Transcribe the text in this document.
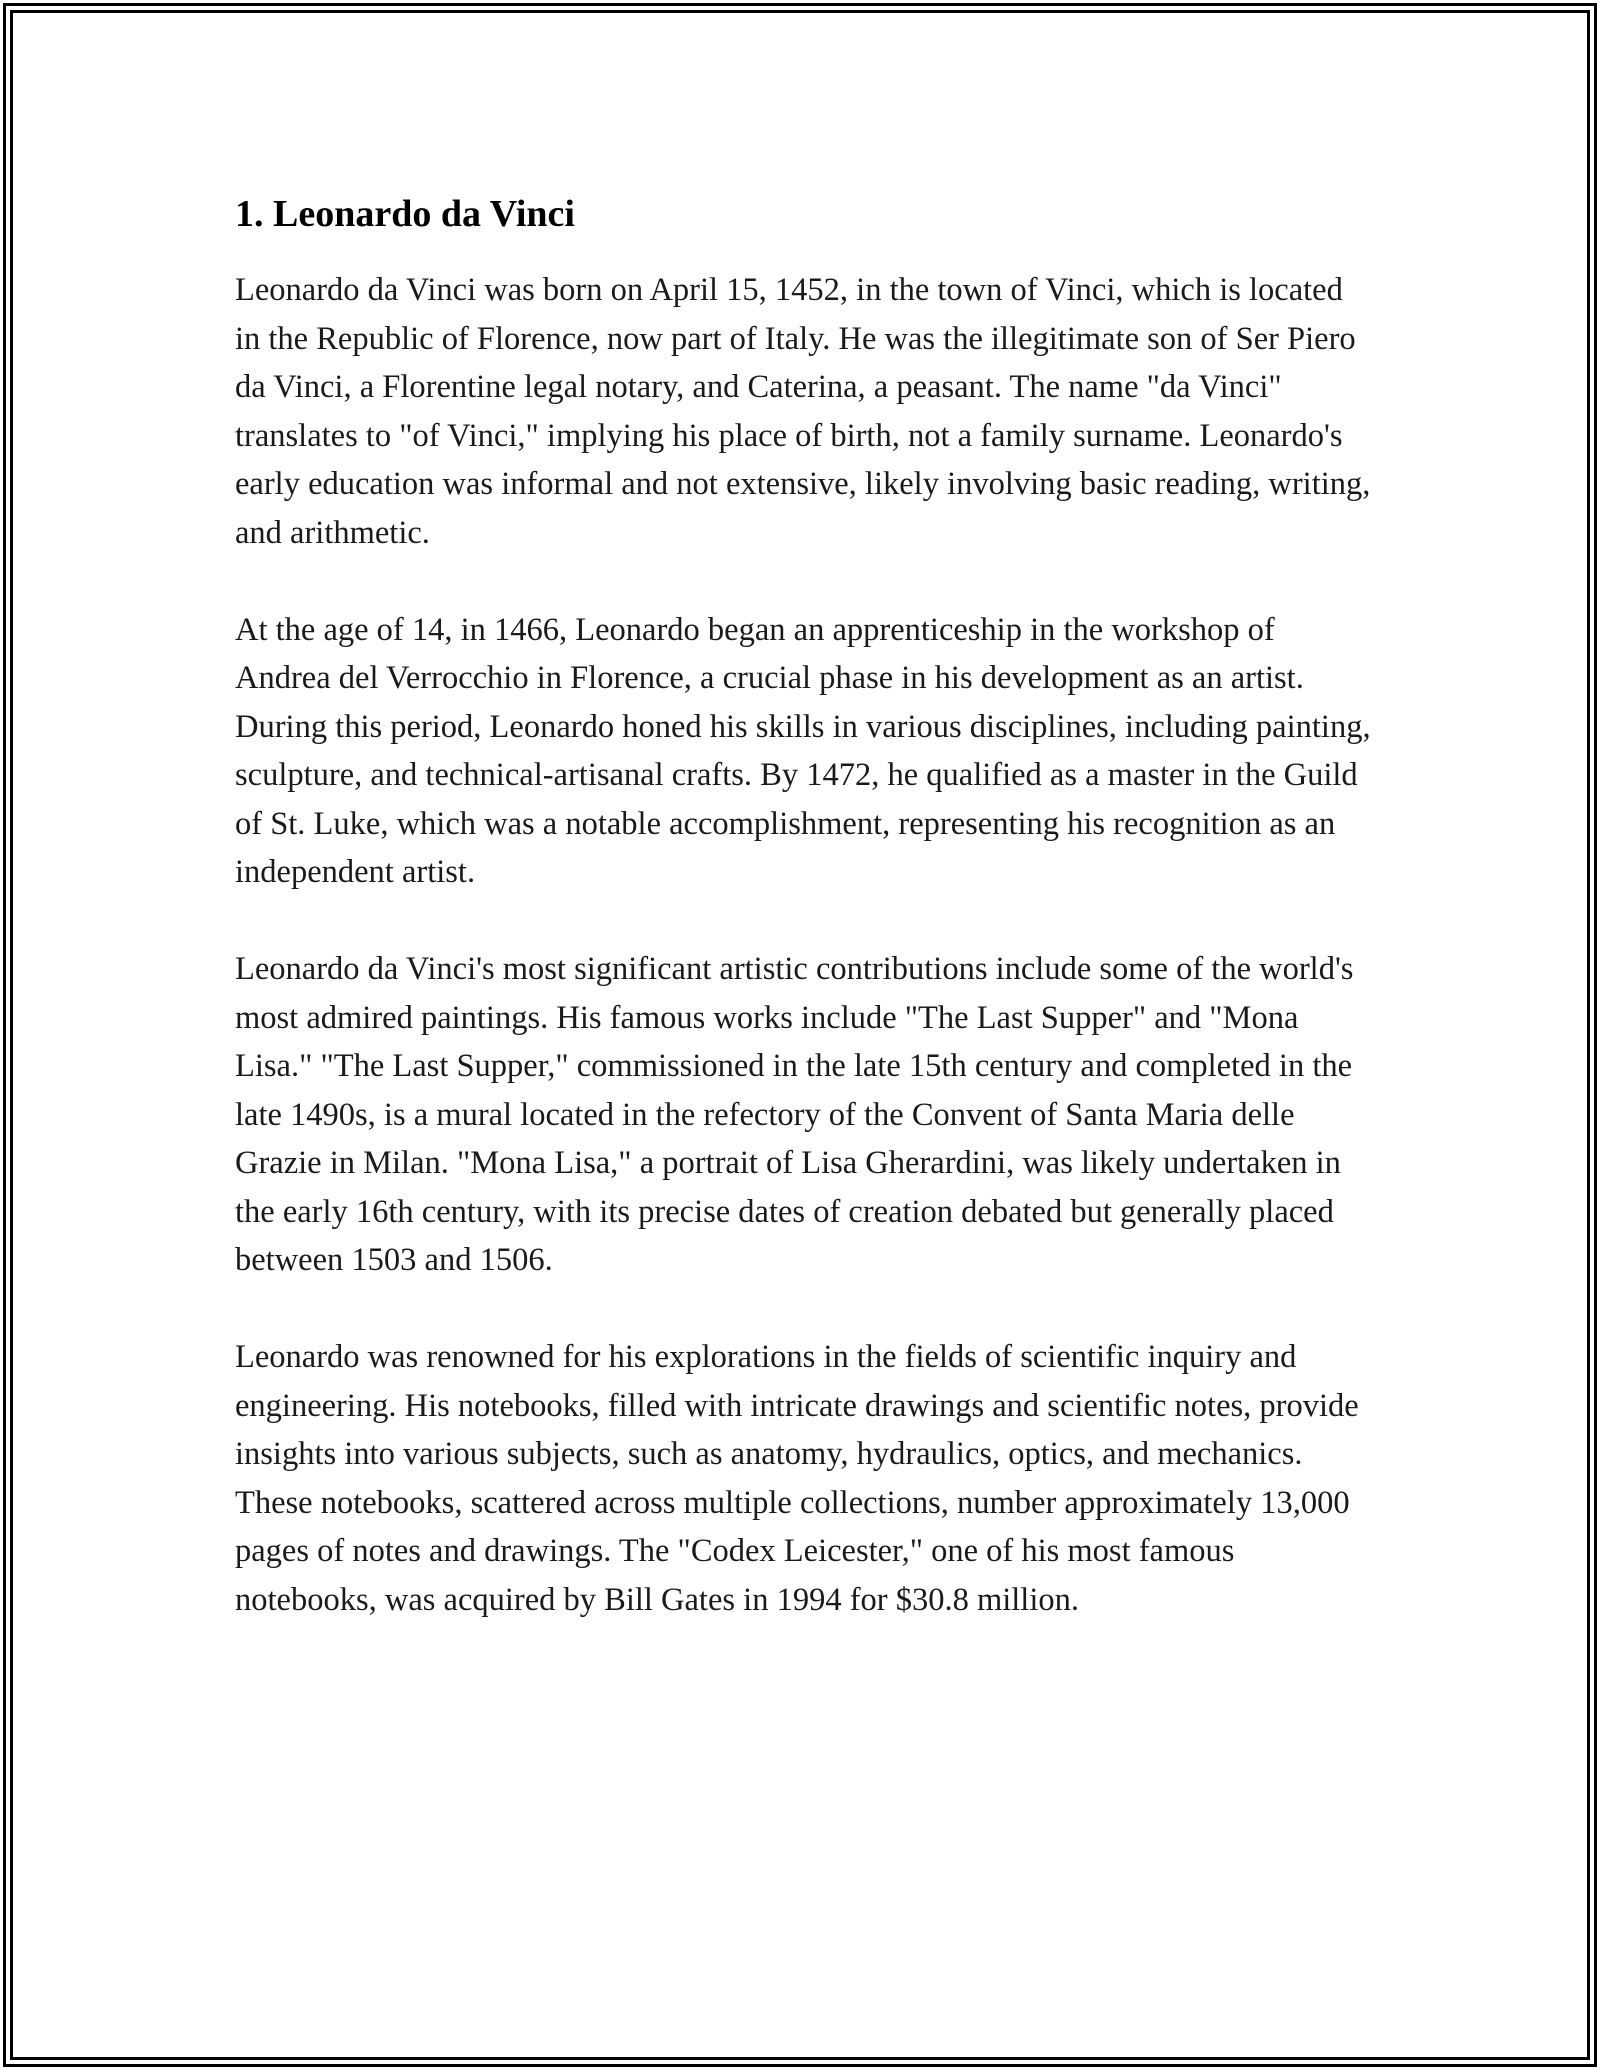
1. Leonardo da Vinci

Leonardo da Vinci was born on April 15, 1452, in the town of Vinci, which is located in the Republic of Florence, now part of Italy. He was the illegitimate son of Ser Piero da Vinci, a Florentine legal notary, and Caterina, a peasant. The name "da Vinci" translates to "of Vinci," implying his place of birth, not a family surname. Leonardo's early education was informal and not extensive, likely involving basic reading, writing, and arithmetic.

At the age of 14, in 1466, Leonardo began an apprenticeship in the workshop of Andrea del Verrocchio in Florence, a crucial phase in his development as an artist. During this period, Leonardo honed his skills in various disciplines, including painting, sculpture, and technical-artisanal crafts. By 1472, he qualified as a master in the Guild of St. Luke, which was a notable accomplishment, representing his recognition as an independent artist.

Leonardo da Vinci's most significant artistic contributions include some of the world's most admired paintings. His famous works include "The Last Supper" and "Mona Lisa." "The Last Supper," commissioned in the late 15th century and completed in the late 1490s, is a mural located in the refectory of the Convent of Santa Maria delle Grazie in Milan. "Mona Lisa," a portrait of Lisa Gherardini, was likely undertaken in the early 16th century, with its precise dates of creation debated but generally placed between 1503 and 1506.

Leonardo was renowned for his explorations in the fields of scientific inquiry and engineering. His notebooks, filled with intricate drawings and scientific notes, provide insights into various subjects, such as anatomy, hydraulics, optics, and mechanics. These notebooks, scattered across multiple collections, number approximately 13,000 pages of notes and drawings. The "Codex Leicester," one of his most famous notebooks, was acquired by Bill Gates in 1994 for $30.8 million.
